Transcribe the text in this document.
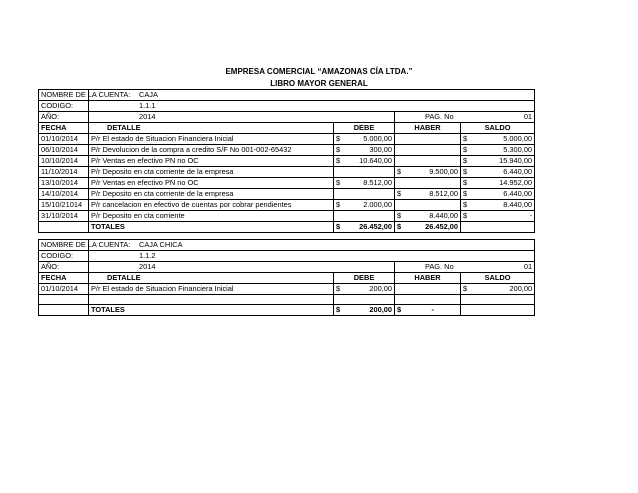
EMPRESA COMERCIAL “AMAZONAS CÍA LTDA.”
LIBRO MAYOR GENERAL
NOMBRE DE LA CUENTA:	CAJA						
CODIGO:	1.1.1						
AÑO:	2014			PAG. No		01	
FECHA	DETALLE	DEBE		HABER		SALDO	
01/10/2014	P/r El estado de Situacion Financiera Inicial	$	5.000,00			$	5.000,00
06/10/2014	P/r Devolucion de la compra a credito S/F No 001-002-65432	$	300,00			$	5.300,00
10/10/2014	P/r Ventas en efectivo PN no OC	$	10.640,00			$	15.940,00
11/10/2014	P/r Deposito en cta corriente de la empresa			$	9.500,00	$	6.440,00
13/10/2014	P/r Ventas en efectivo PN no OC	$	8.512,00			$	14.952,00
14/10/2014	P/r Deposito en cta corriente de la empresa			$	8.512,00	$	6.440,00
15/10/21014	P/r cancelacion en efectivo de cuentas por cobrar pendientes	$	2.000,00			$	8.440,00
31/10/2014	P/r Deposito en cta corriente			$	8.440,00	$	-
	TOTALES	$	26.452,00	$	26.452,00		
NOMBRE DE LA CUENTA:	CAJA CHICA						
CODIGO:	1.1.2						
AÑO:	2014			PAG. No		01	
FECHA	DETALLE	DEBE		HABER		SALDO	
01/10/2014	P/r El estado de Situacion Financiera Inicial	$	200,00			$	200,00

	TOTALES	$	200,00	$	-		
